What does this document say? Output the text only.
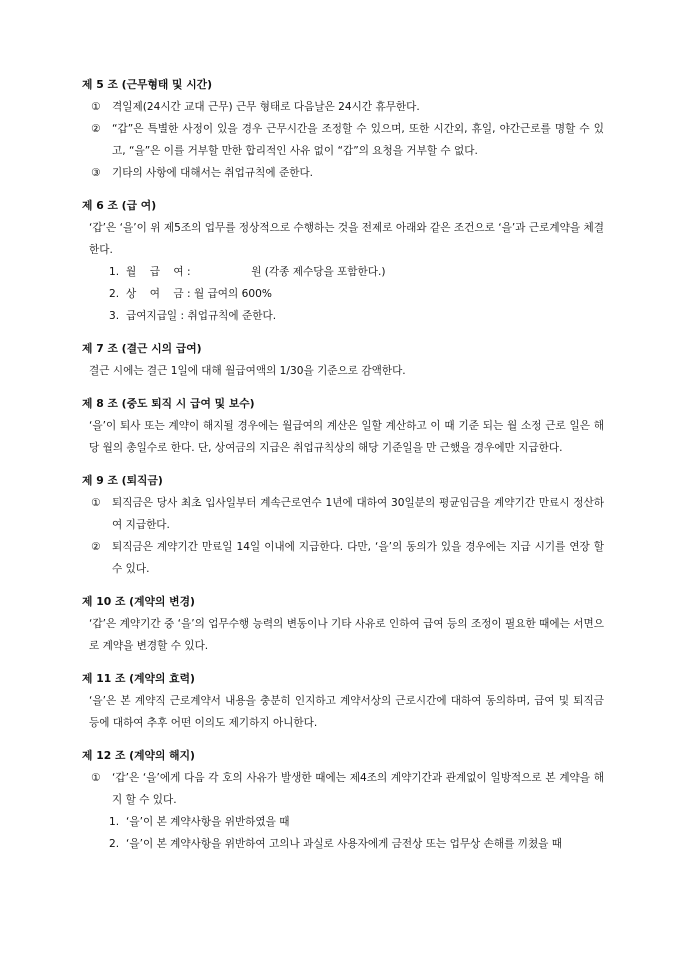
제 5 조 (근무형태 및 시간)
①	격일제(24시간 교대 근무) 근무 형태로 다음날은 24시간 휴무한다.
②	“갑”은 특별한 사정이 있을 경우 근무시간을 조정할 수 있으며, 또한 시간외, 휴일, 야간근로를 명할 수 있고, “을”은 이를 거부할 만한 합리적인 사유 없이 “갑”의 요청을 거부할 수 없다.
③	기타의 사항에 대해서는 취업규칙에 준한다.
제 6 조 (급 여)
‘갑’은 ‘을’이 위 제5조의 업무를 정상적으로 수행하는 것을 전제로 아래와 같은 조건으로 ‘을’과 근로계약을 체결한다.
1. 월    급    여 :                  원 (각종 제수당을 포함한다.)
2. 상    여    금 : 월 급여의 600%
3. 급여지급일 : 취업규칙에 준한다.
제 7 조 (결근 시의 급여)
결근 시에는 결근 1일에 대해 월급여액의 1/30을 기준으로 감액한다.
제 8 조 (중도 퇴직 시 급여 및 보수)
‘을’이 퇴사 또는 계약이 해지될 경우에는 월급여의 계산은 일할 계산하고 이 때 기준 되는 월 소정 근로 일은 해당 월의 총일수로 한다. 단, 상여금의 지급은 취업규칙상의 해당 기준일을 만 근했을 경우에만 지급한다.
제 9 조 (퇴직금)
①	퇴직금은 당사 최초 입사일부터 계속근로연수 1년에 대하여 30일분의 평균임금을 계약기간 만료시 정산하여 지급한다.
②	퇴직금은 계약기간 만료일 14일 이내에 지급한다. 다만, ‘을’의 동의가 있을 경우에는 지급 시기를 연장 할 수 있다.
제 10 조 (계약의 변경)
‘갑’은 계약기간 중 ‘을’의 업무수행 능력의 변동이나 기타 사유로 인하여 급여 등의 조정이 필요한 때에는 서면으로 계약을 변경할 수 있다.
제 11 조 (계약의 효력)
‘을’은 본 계약직 근로계약서 내용을 충분히 인지하고 계약서상의 근로시간에 대하여 동의하며, 급여 및 퇴직금 등에 대하여 추후 어떤 이의도 제기하지 아니한다.
제 12 조 (계약의 해지)
①	‘갑’은 ‘을’에게 다음 각 호의 사유가 발생한 때에는 제4조의 계약기간과 관계없이 일방적으로 본 계약을 해지 할 수 있다.
1. ‘을’이 본 계약사항을 위반하였을 때
2. ‘을’이 본 계약사항을 위반하여 고의나 과실로 사용자에게 금전상 또는 업무상 손해를 끼쳤을 때
